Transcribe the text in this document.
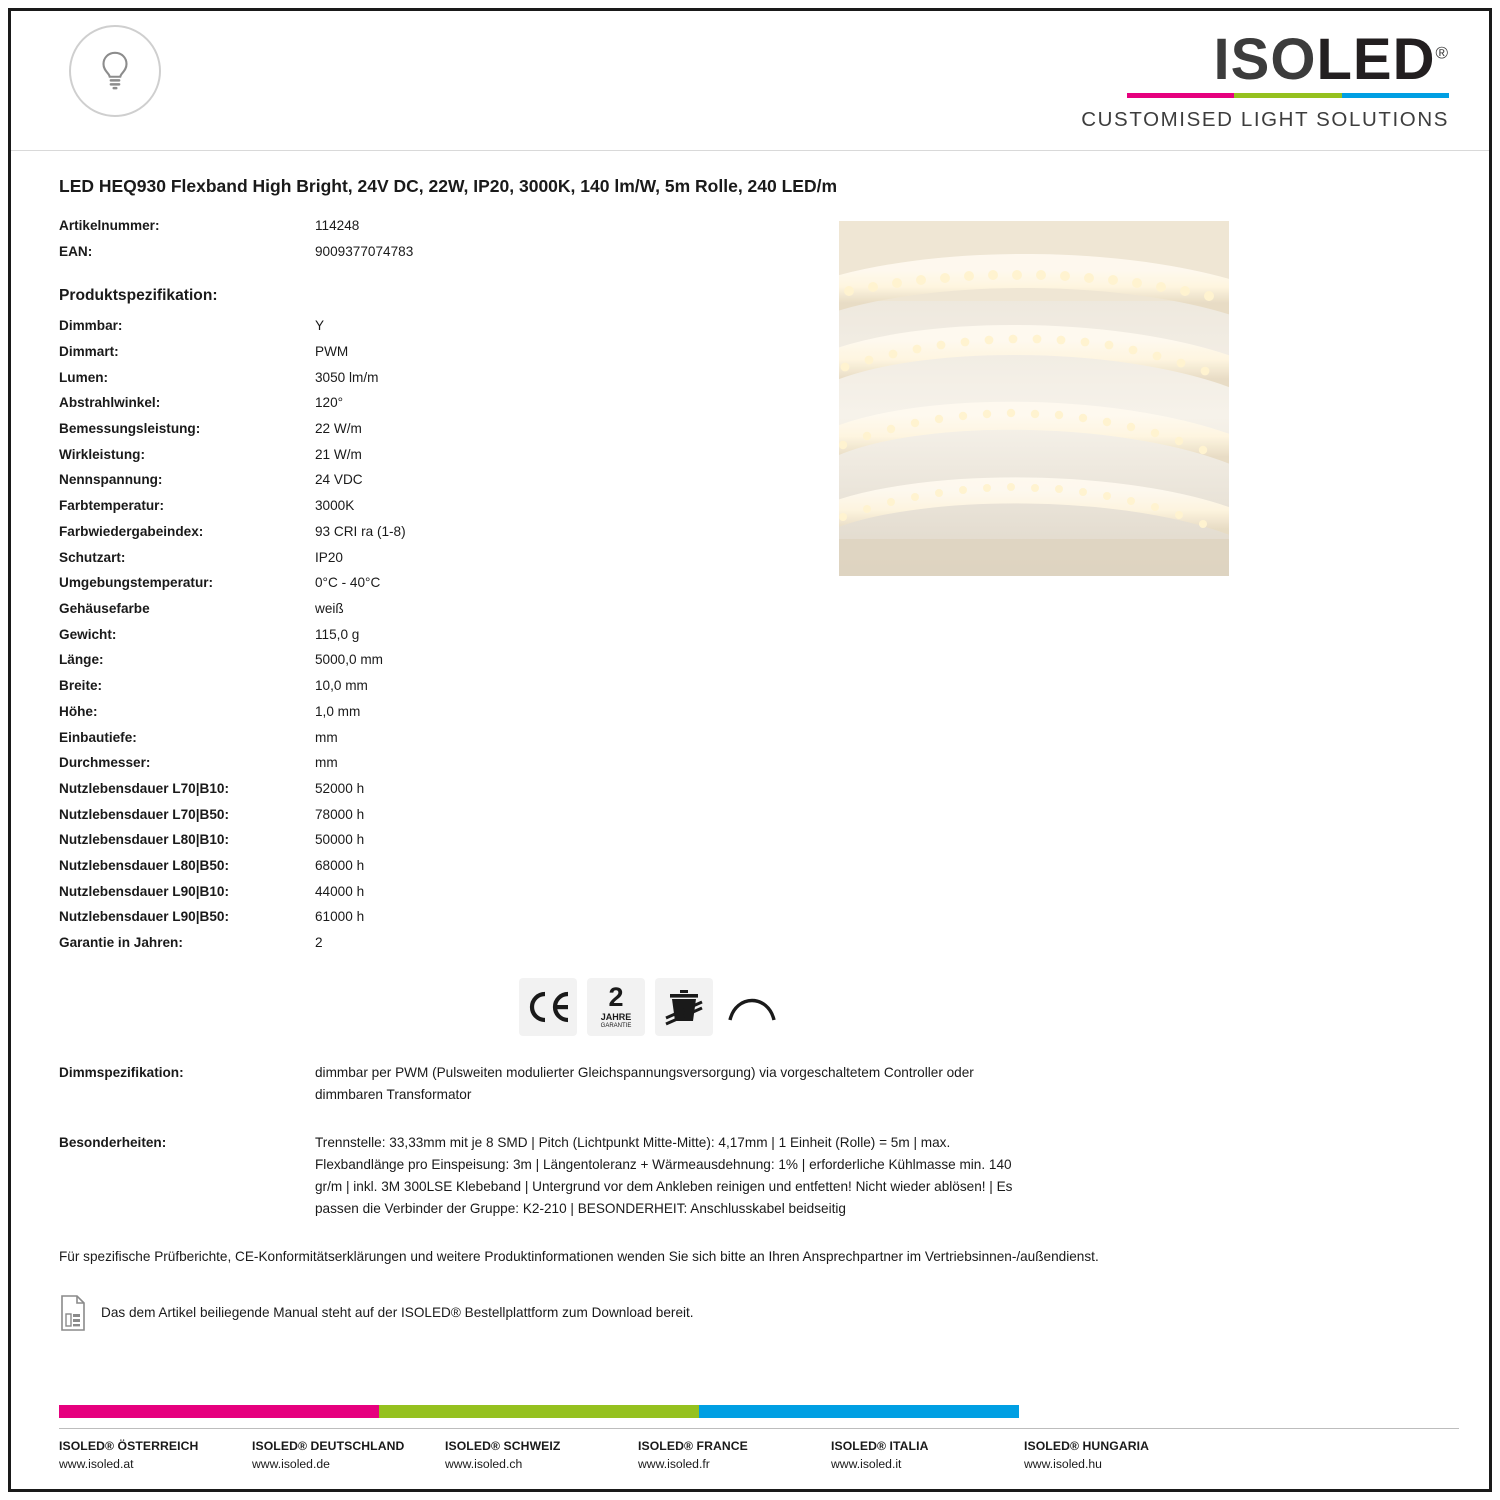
ISOLED®
CUSTOMISED LIGHT SOLUTIONS
LED HEQ930 Flexband High Bright, 24V DC, 22W, IP20, 3000K, 140 lm/W, 5m Rolle, 240 LED/m
Artikelnummer:	114248
EAN:	9009377074783
Produktspezifikation:
Dimmbar:	Y
Dimmart:	PWM
Lumen:	3050 lm/m
Abstrahlwinkel:	120°
Bemessungsleistung:	22 W/m
Wirkleistung:	21 W/m
Nennspannung:	24 VDC
Farbtemperatur:	3000K
Farbwiedergabeindex:	93 CRI ra (1-8)
Schutzart:	IP20
Umgebungstemperatur:	0°C - 40°C
Gehäusefarbe	weiß
Gewicht:	115,0 g
Länge:	5000,0 mm
Breite:	10,0 mm
Höhe:	1,0 mm
Einbautiefe:	mm
Durchmesser:	mm
Nutzlebensdauer L70|B10:	52000 h
Nutzlebensdauer L70|B50:	78000 h
Nutzlebensdauer L80|B10:	50000 h
Nutzlebensdauer L80|B50:	68000 h
Nutzlebensdauer L90|B10:	44000 h
Nutzlebensdauer L90|B50:	61000 h
Garantie in Jahren:	2
2
JAHRE
GARANTIE
Dimmspezifikation:	dimmbar per PWM (Pulsweiten modulierter Gleichspannungsversorgung) via vorgeschaltetem Controller oder dimmbaren Transformator
Besonderheiten:	Trennstelle: 33,33mm mit je 8 SMD | Pitch (Lichtpunkt Mitte-Mitte): 4,17mm | 1 Einheit (Rolle) = 5m | max. Flexbandlänge pro Einspeisung: 3m | Längentoleranz + Wärmeausdehnung: 1% | erforderliche Kühlmasse min. 140 gr/m | inkl. 3M 300LSE Klebeband | Untergrund vor dem Ankleben reinigen und entfetten! Nicht wieder ablösen! | Es passen die Verbinder der Gruppe: K2-210 | BESONDERHEIT: Anschlusskabel beidseitig
Für spezifische Prüfberichte, CE-Konformitätserklärungen und weitere Produktinformationen wenden Sie sich bitte an Ihren Ansprechpartner im Vertriebsinnen-/außendienst.
Das dem Artikel beiliegende Manual steht auf der ISOLED® Bestellplattform zum Download bereit.
ISOLED® ÖSTERREICH
www.isoled.at
ISOLED® DEUTSCHLAND
www.isoled.de
ISOLED® SCHWEIZ
www.isoled.ch
ISOLED® FRANCE
www.isoled.fr
ISOLED® ITALIA
www.isoled.it
ISOLED® HUNGARIA
www.isoled.hu
